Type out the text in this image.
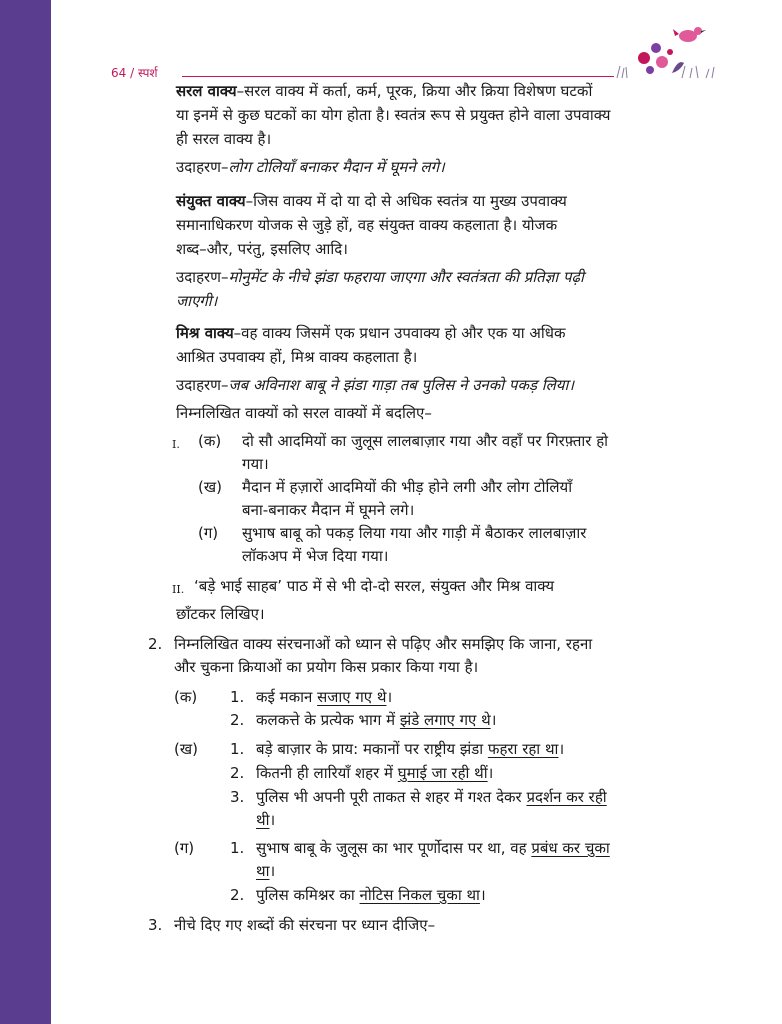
64 / स्पर्श
सरल वाक्य–सरल वाक्य में कर्ता, कर्म, पूरक, क्रिया और क्रिया विशेषण घटकों
या इनमें से कुछ घटकों का योग होता है। स्वतंत्र रूप से प्रयुक्त होने वाला उपवाक्य
ही सरल वाक्य है।
उदाहरण–लोग टोलियाँ बनाकर मैदान में घूमने लगे।
संयुक्त वाक्य–जिस वाक्य में दो या दो से अधिक स्वतंत्र या मुख्य उपवाक्य
समानाधिकरण योजक से जुड़े हों, वह संयुक्त वाक्य कहलाता है। योजक
शब्द–और, परंतु, इसलिए आदि।
उदाहरण–मोनुमेंट के नीचे झंडा फहराया जाएगा और स्वतंत्रता की प्रतिज्ञा पढ़ी
जाएगी।
मिश्र वाक्य–वह वाक्य जिसमें एक प्रधान उपवाक्य हो और एक या अधिक
आश्रित उपवाक्य हों, मिश्र वाक्य कहलाता है।
उदाहरण–जब अविनाश बाबू ने झंडा गाड़ा तब पुलिस ने उनको पकड़ लिया।
निम्नलिखित वाक्यों को सरल वाक्यों में बदलिए–
I. (क) दो सौ आदमियों का जुलूस लालबाज़ार गया और वहाँ पर गिरफ़्तार हो
गया।
(ख) मैदान में हज़ारों आदमियों की भीड़ होने लगी और लोग टोलियाँ
बना-बनाकर मैदान में घूमने लगे।
(ग) सुभाष बाबू को पकड़ लिया गया और गाड़ी में बैठाकर लालबाज़ार
लॉकअप में भेज दिया गया।
II. ‘बड़े भाई साहब’ पाठ में से भी दो-दो सरल, संयुक्त और मिश्र वाक्य
छाँटकर लिखिए।
2. निम्नलिखित वाक्य संरचनाओं को ध्यान से पढ़िए और समझिए कि जाना, रहना
और चुकना क्रियाओं का प्रयोग किस प्रकार किया गया है।
(क) 1. कई मकान सजाए गए थे।
2. कलकत्ते के प्रत्येक भाग में झंडे लगाए गए थे।
(ख) 1. बड़े बाज़ार के प्राय: मकानों पर राष्ट्रीय झंडा फहरा रहा था।
2. कितनी ही लारियाँ शहर में घुमाई जा रही थीं।
3. पुलिस भी अपनी पूरी ताकत से शहर में गश्त देकर प्रदर्शन कर रही
थी।
(ग) 1. सुभाष बाबू के जुलूस का भार पूर्णोदास पर था, वह प्रबंध कर चुका
था।
2. पुलिस कमिश्नर का नोटिस निकल चुका था।
3. नीचे दिए गए शब्दों की संरचना पर ध्यान दीजिए–
